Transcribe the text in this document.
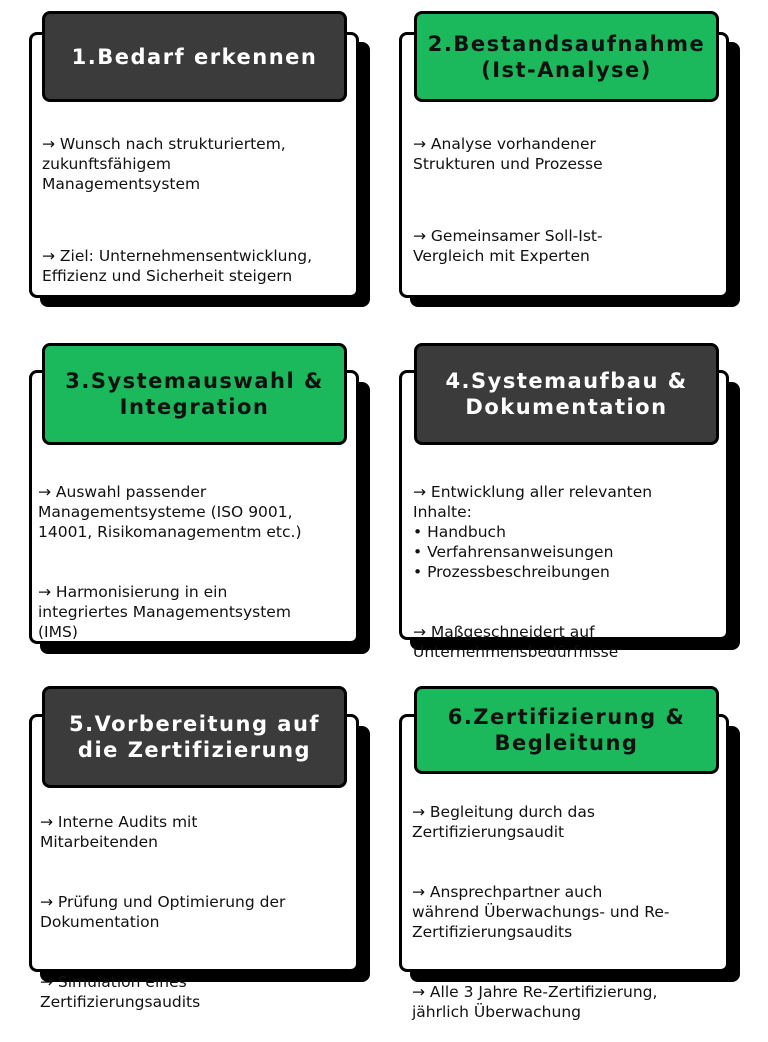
1.Bedarf erkennen

→ Wunsch nach strukturiertem,
zukunftsfähigem
Managementsystem

→ Ziel: Unternehmensentwicklung,
Effizienz und Sicherheit steigern

2.Bestandsaufnahme
(Ist-Analyse)

→ Analyse vorhandener
Strukturen und Prozesse

→ Gemeinsamer Soll-Ist-
Vergleich mit Experten

3.Systemauswahl &
Integration

→ Auswahl passender
Managementsysteme (ISO 9001,
14001, Risikomanagementm etc.)

→ Harmonisierung in ein
integriertes Managementsystem
(IMS)

4.Systemaufbau &
Dokumentation

→ Entwicklung aller relevanten
Inhalte:
• Handbuch
• Verfahrensanweisungen
• Prozessbeschreibungen

→ Maßgeschneidert auf
Unternehmensbedürfnisse

5.Vorbereitung auf
die Zertifizierung

→ Interne Audits mit
Mitarbeitenden

→ Prüfung und Optimierung der
Dokumentation

→ Simulation eines
Zertifizierungsaudits

6.Zertifizierung &
Begleitung

→ Begleitung durch das
Zertifizierungsaudit

→ Ansprechpartner auch
während Überwachungs- und Re-
Zertifizierungsaudits

→ Alle 3 Jahre Re-Zertifizierung,
jährlich Überwachung
